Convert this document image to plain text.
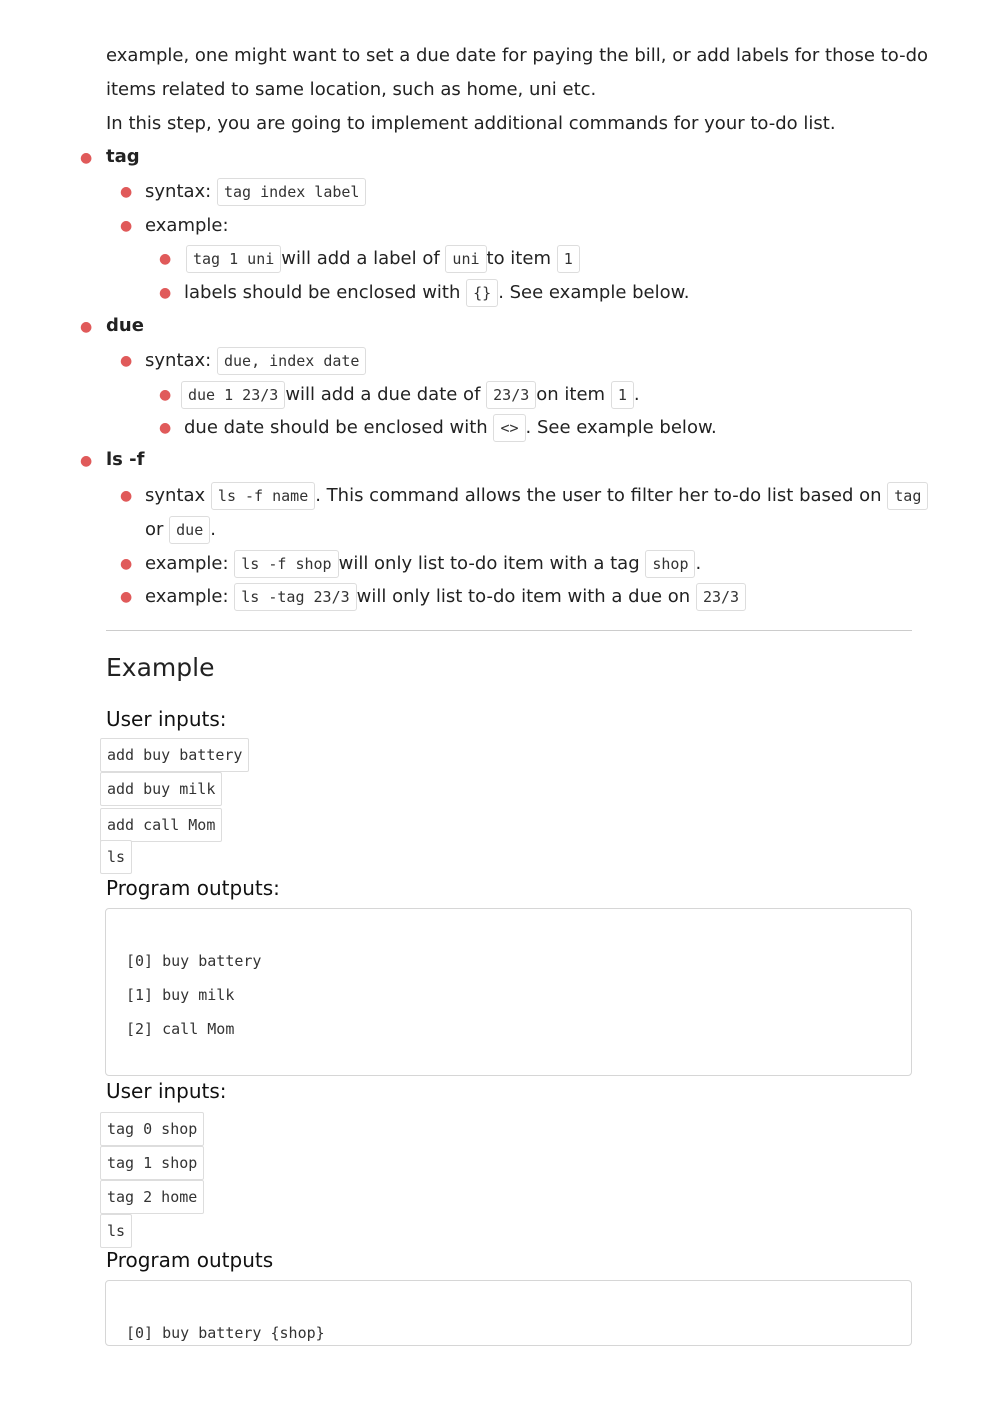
example, one might want to set a due date for paying the bill, or add labels for those to-do
items related to same location, such as home, uni etc.
In this step, you are going to implement additional commands for your to-do list.
● tag
● syntax: tag index label
● example:
●	tag 1 uni will add a label of uni to item 1
● labels should be enclosed with {} . See example below.
● due
● syntax: due, index date
●	due 1 23/3 will add a due date of 23/3 on item 1 .
● due date should be enclosed with <> . See example below.
● ls -f
● syntax ls -f name . This command allows the user to filter her to-do list based on tag
or due .
● example: ls -f shop will only list to-do item with a tag shop .
● example: ls -tag 23/3 will only list to-do item with a due on 23/3
Example
User inputs:
add buy battery
add buy milk
add call Mom
ls
Program outputs:
[0] buy battery
[1] buy milk
[2] call Mom
User inputs:
tag 0 shop
tag 1 shop
tag 2 home
ls
Program outputs
[0] buy battery {shop}
